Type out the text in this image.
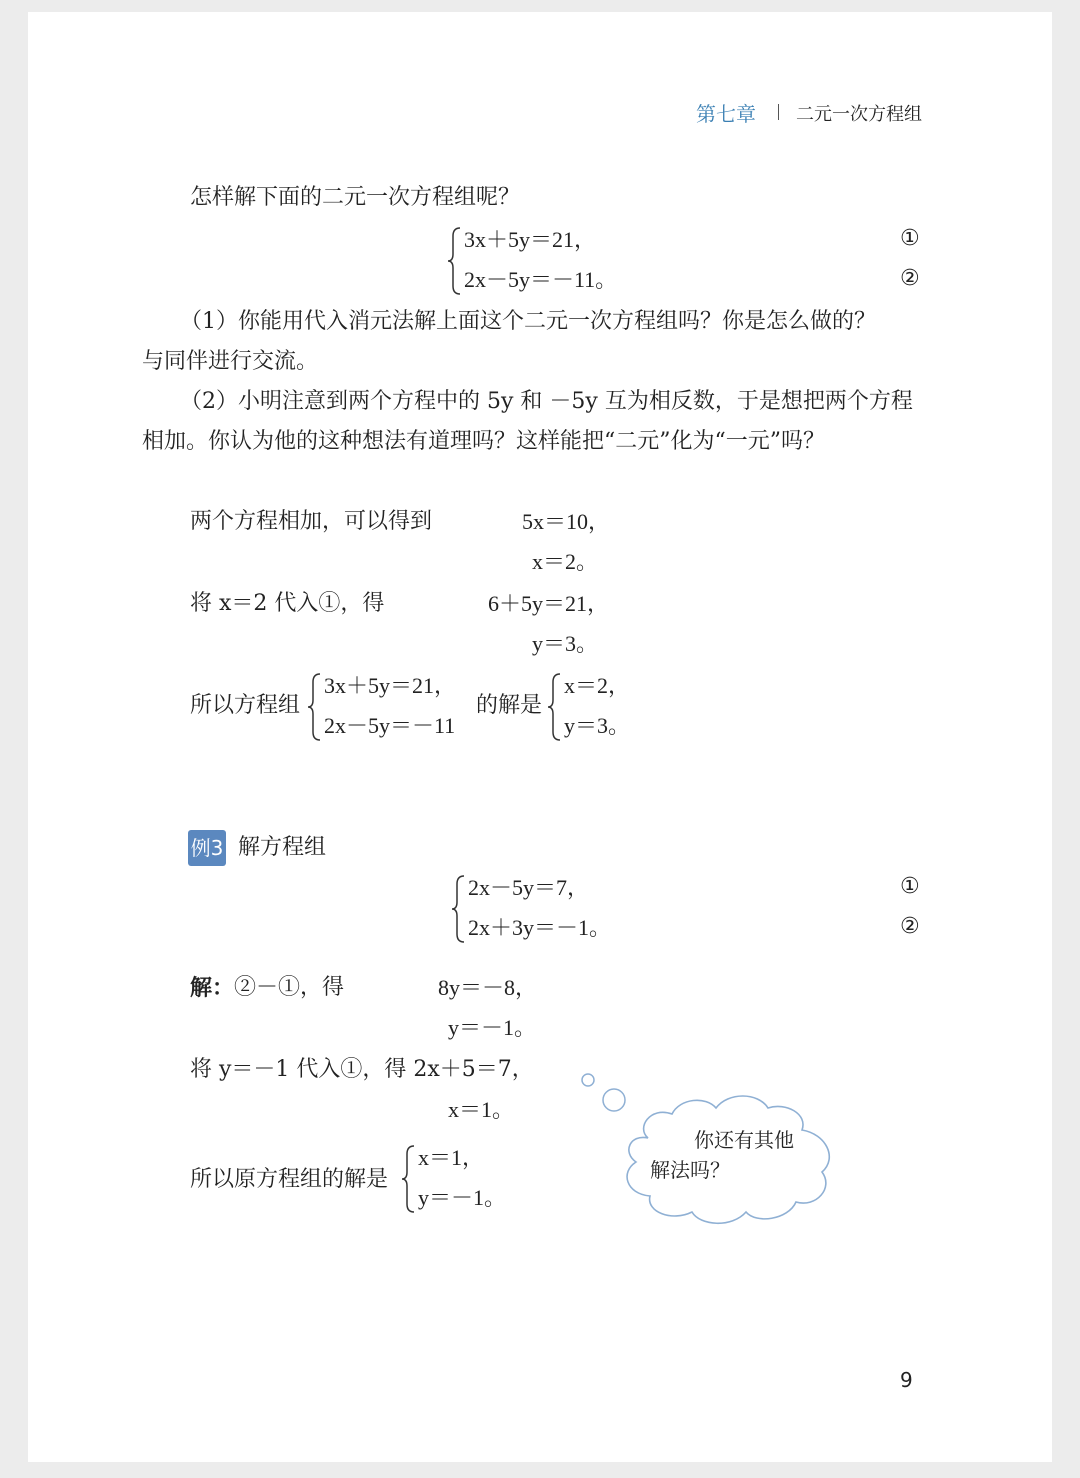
第七章 二元一次方程组
怎样解下面的二元一次方程组呢？
3x＋5y＝21，
2x－5y＝－11。
①
②
（1）你能用代入消元法解上面这个二元一次方程组吗？你是怎么做的？
与同伴进行交流。
（2）小明注意到两个方程中的 5y 和 －5y 互为相反数，于是想把两个方程
相加。你认为他的这种想法有道理吗？这样能把“二元”化为“一元”吗？
两个方程相加，可以得到	5x＝10，
x＝2。
将 x＝2 代入①，得	6＋5y＝21，
y＝3。
所以方程组
3x＋5y＝21，
2x－5y＝－11
的解是
x＝2，
y＝3。
例3 解方程组
2x－5y＝7，
2x＋3y＝－1。
①
②
解： ②－①，得	8y＝－8，
y＝－1。
将 y＝－1 代入①，得 2x＋5＝7，
x＝1。
所以原方程组的解是
x＝1，
y＝－1。
你还有其他
解法吗？
9
